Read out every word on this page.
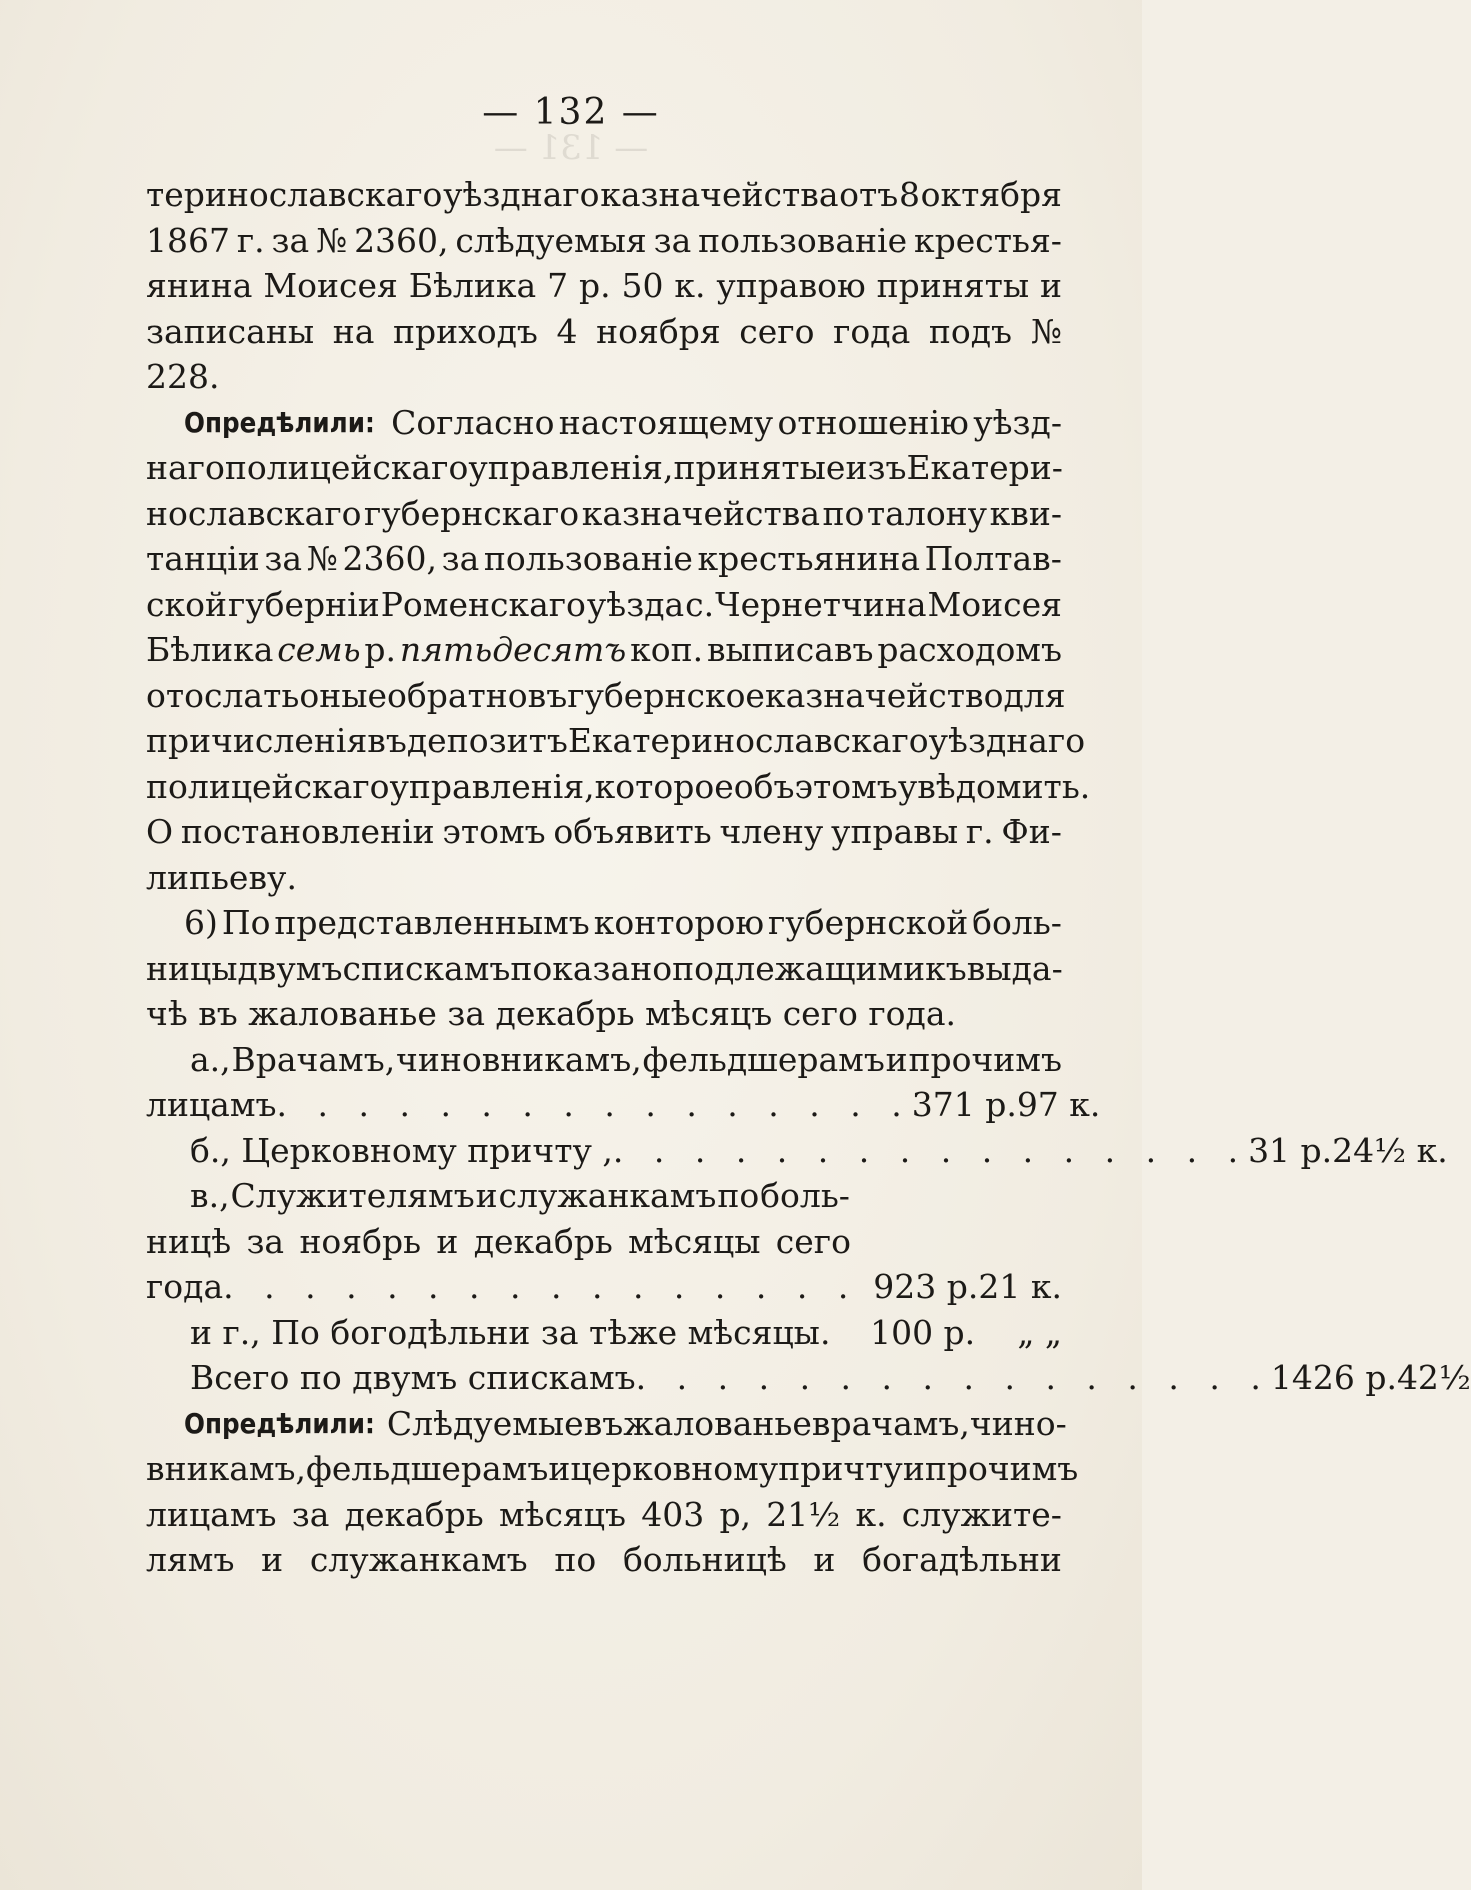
— 131 —
— 132 —
териноcлавскаго уѣзднаго казначейства отъ 8 октября
1867 г. за № 2360, слѣдуемыя за пользованіе крестья-
янина Моисея Бѣлика 7 р. 50 к. управою приняты и
записаны на приходъ 4 ноября сего года подъ №
228.
Опредѣлили: Согласно настоящему отношенію уѣзд-
наго полицейскаго управленія, принятые изъ Екатери-
нославскаго губернскаго казначейства по талону кви-
танціи за № 2360, за пользованіе крестьянина Полтав-
ской губерніи Роменскаго уѣзда с. Чернетчина Моисея
Бѣлика семь р. пятьдесятъ коп. выписавъ расходомъ
отослать оные обратно въ губернское казначейство для
причисленія въ депозитъ Екатеринославскаго уѣзднаго
полицейскаго управленія, которое объ этомъ увѣдомить.
О постановленіи этомъ объявить члену управы г. Фи-
липьеву.
6) По представленнымъ конторою губернской боль-
ницы двумъ спискамъ показано подлежащими къ выда-
чѣ въ жалованье за декабрь мѣсяцъ сего года.
а., Врачамъ, чиновникамъ, фельдшерамъ и прочимъ
лицамъ . . . . . . . . . . . . . . . . 371 р. 97 к.
б., Церковному причту , . . . . . . . . . . . . . . . . 31 р. 24½ к.
в., Служителямъ и служанкамъ по боль-
ницѣ за ноябрь и декабрь мѣсяцы сего
года . . . . . . . . . . . . . . . . 923 р. 21 к.
и г., По богодѣльни за тѣже мѣсяцы.	100 р.	„ „
Всего по двумъ спискамъ . . . . . . . . . . . . . . . . 1426 р. 42½
Опредѣлили: Слѣдуемые въ жалованье врачамъ, чино-
вникамъ, фельдшерамъ и церковному причту и прочимъ
лицамъ за декабрь мѣсяцъ 403 р, 21½ к. служите-
лямъ и служанкамъ по больницѣ и богадѣльни
